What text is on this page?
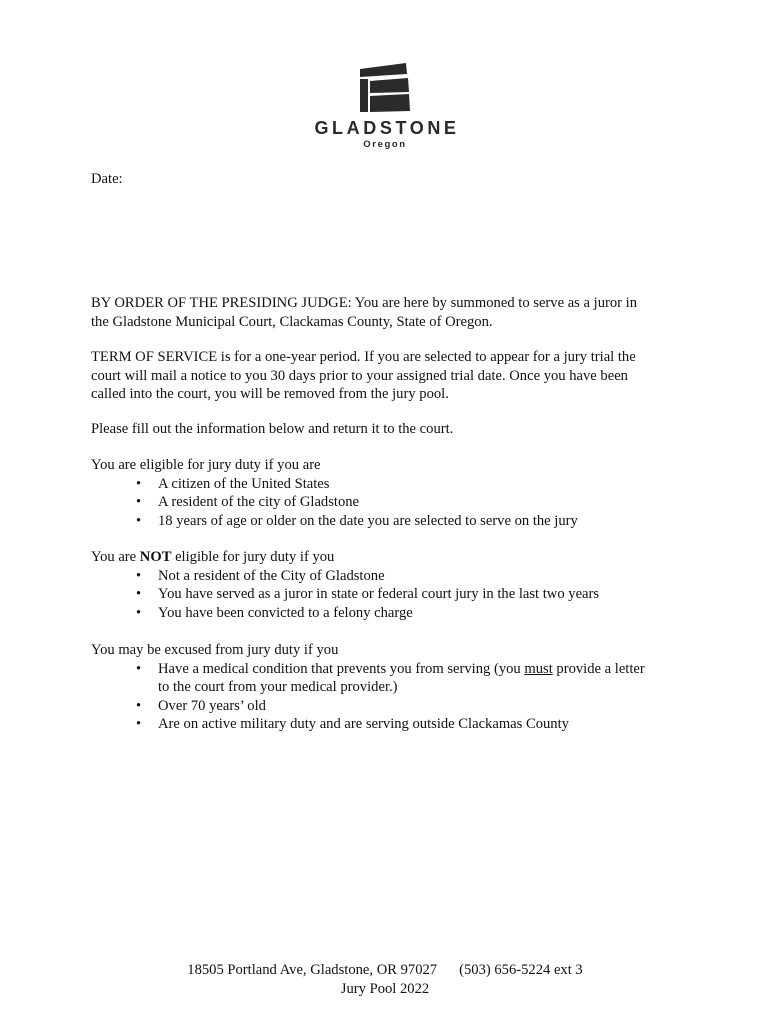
GLADSTONE
Oregon

Date:

BY ORDER OF THE PRESIDING JUDGE: You are here by summoned to serve as a juror in
the Gladstone Municipal Court, Clackamas County, State of Oregon.
TERM OF SERVICE is for a one-year period. If you are selected to appear for a jury trial the
court will mail a notice to you 30 days prior to your assigned trial date. Once you have been
called into the court, you will be removed from the jury pool.

Please fill out the information below and return it to the court.

You are eligible for jury duty if you are
• A citizen of the United States
• A resident of the city of Gladstone
• 18 years of age or older on the date you are selected to serve on the jury
You are NOT eligible for jury duty if you
• Not a resident of the City of Gladstone
• You have served as a juror in state or federal court jury in the last two years
• You have been convicted to a felony charge
You may be excused from jury duty if you
• Have a medical condition that prevents you from serving (you must provide a letter
to the court from your medical provider.)
• Over 70 years’ old
• Are on active military duty and are serving outside Clackamas County
18505 Portland Ave, Gladstone, OR 97027 (503) 656-5224 ext 3
Jury Pool 2022
